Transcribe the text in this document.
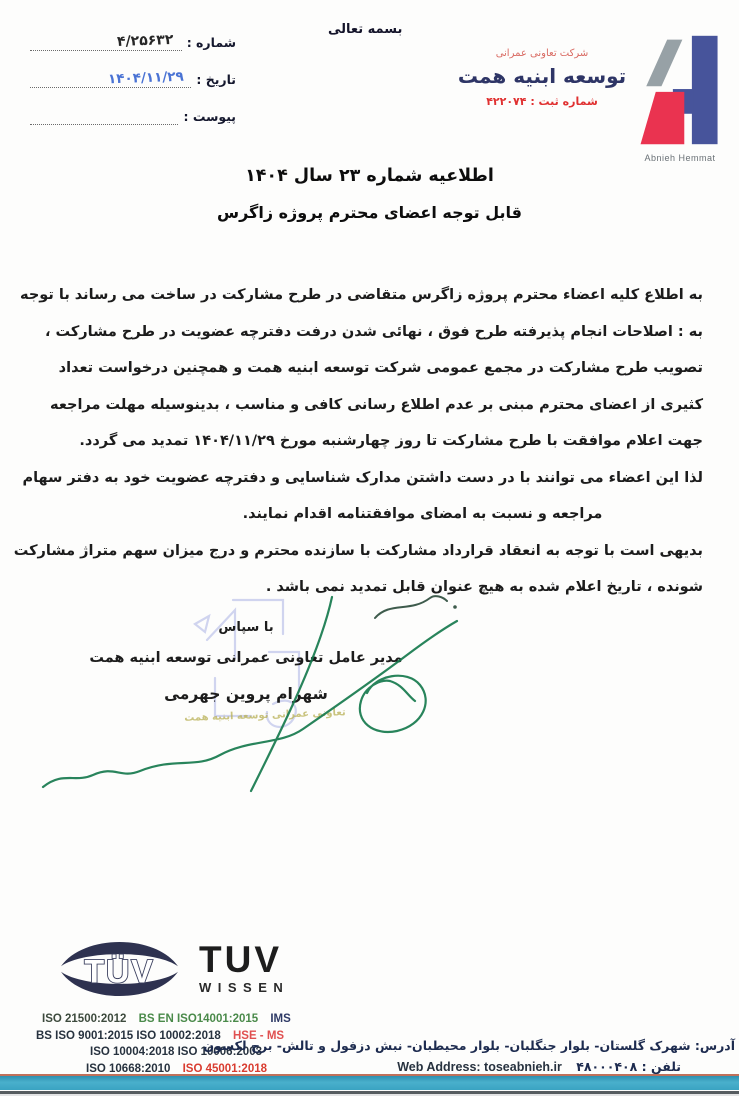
شماره :
۴/۲۵۶۳۲
تاریخ :
۱۴۰۴/۱۱/۲۹
پیوست :
بسمه تعالی
Abnieh Hemmat
شرکت تعاونی عمرانی
توسعه ابنیه همت
شماره ثبت : ۴۲۲۰۷۴
اطلاعیه شماره ۲۳ سال ۱۴۰۴
قابل توجه اعضای محترم پروژه زاگرس
به اطلاع کلیه اعضاء محترم پروژه زاگرس متقاضی در طرح مشارکت در ساخت می رساند با توجه
به : اصلاحات انجام پذیرفته طرح فوق ، نهائی شدن درفت دفترچه عضویت در طرح مشارکت ،
تصویب طرح مشارکت در مجمع عمومی شرکت توسعه ابنیه همت و همچنین درخواست تعداد
کثیری از اعضای محترم مبنی بر عدم اطلاع رسانی کافی و مناسب ، بدینوسیله مهلت مراجعه
جهت اعلام موافقت با طرح مشارکت تا روز چهارشنبه مورخ ۱۴۰۴/۱۱/۲۹ تمدید می گردد.
لذا این اعضاء می توانند با در دست داشتن مدارک شناسایی و دفترچه عضویت خود به دفتر سهام
مراجعه و نسبت به امضای موافقتنامه اقدام نمایند.
بدیهی است با توجه به انعقاد قرارداد مشارکت با سازنده محترم و درج میزان سهم متراژ مشارکت
شونده ، تاریخ اعلام شده به هیچ عنوان قابل تمدید نمی باشد .
تعاونی عمرانی توسعه ابنیه همت
با سپاس
مدیر عامل تعاونی عمرانی توسعه ابنیه همت
شهرام پروین جهرمی
TÜV TUV
WISSEN
ISO 21500:2012 BS EN ISO14001:2015 IMS
BS ISO 9001:2015 ISO 10002:2018 HSE - MS
ISO 10004:2018 ISO 10006:2003
ISO 10668:2010 ISO 45001:2018
آدرس: شهرک گلستان- بلوار جنگلبان- بلوار محیطبان- نبش دزفول و تالش- برج لکسون
تلفن : ۴۸۰۰۰۴۰۸ Web Address: toseabnieh.ir
